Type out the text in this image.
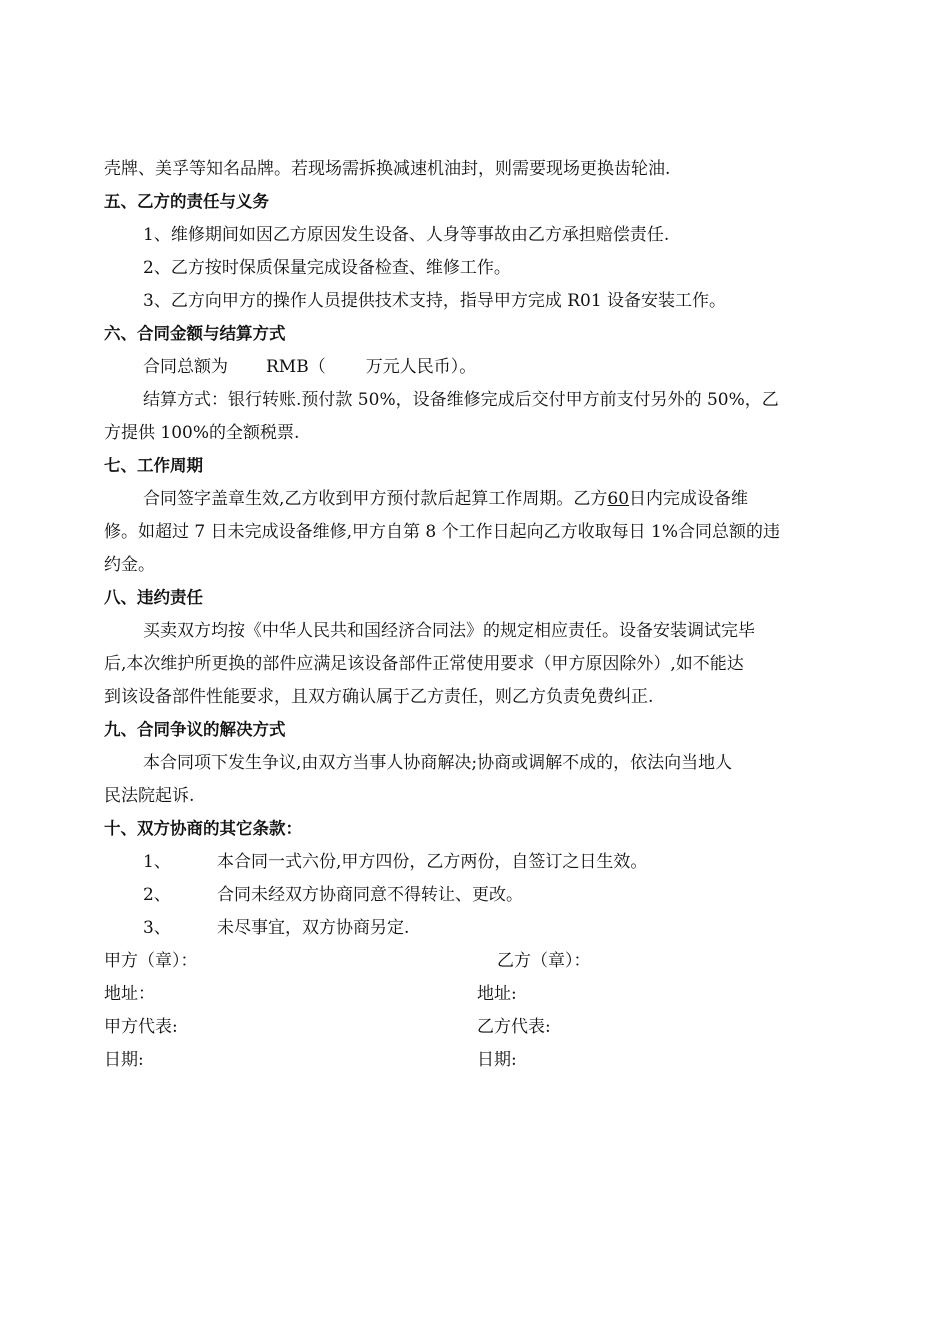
壳牌、美孚等知名品牌。若现场需拆换减速机油封，则需要现场更换齿轮油.
五、乙方的责任与义务
1、维修期间如因乙方原因发生设备、人身等事故由乙方承担赔偿责任.
2、乙方按时保质保量完成设备检查、维修工作。
3、乙方向甲方的操作人员提供技术支持，指导甲方完成 R01 设备安装工作。
六、合同金额与结算方式
合同总额为 RMB（ 万元人民币）。
结算方式：银行转账.预付款 50%，设备维修完成后交付甲方前支付另外的 50%，乙
方提供 100%的全额税票.
七、工作周期
合同签字盖章生效,乙方收到甲方预付款后起算工作周期。乙方60日内完成设备维
修。如超过 7 日未完成设备维修,甲方自第 8 个工作日起向乙方收取每日 1%合同总额的违
约金。
八、违约责任
买卖双方均按《中华人民共和国经济合同法》的规定相应责任。设备安装调试完毕
后,本次维护所更换的部件应满足该设备部件正常使用要求（甲方原因除外）,如不能达
到该设备部件性能要求，且双方确认属于乙方责任，则乙方负责免费纠正.
九、合同争议的解决方式
本合同项下发生争议,由双方当事人协商解决;协商或调解不成的，依法向当地人
民法院起诉.
十、双方协商的其它条款：
1、	本合同一式六份,甲方四份，乙方两份，自签订之日生效。
2、	合同未经双方协商同意不得转让、更改。
3、	未尽事宜，双方协商另定.
甲方（章）：	乙方（章）：
地址：	地址:
甲方代表:	乙方代表:
日期:	日期:
